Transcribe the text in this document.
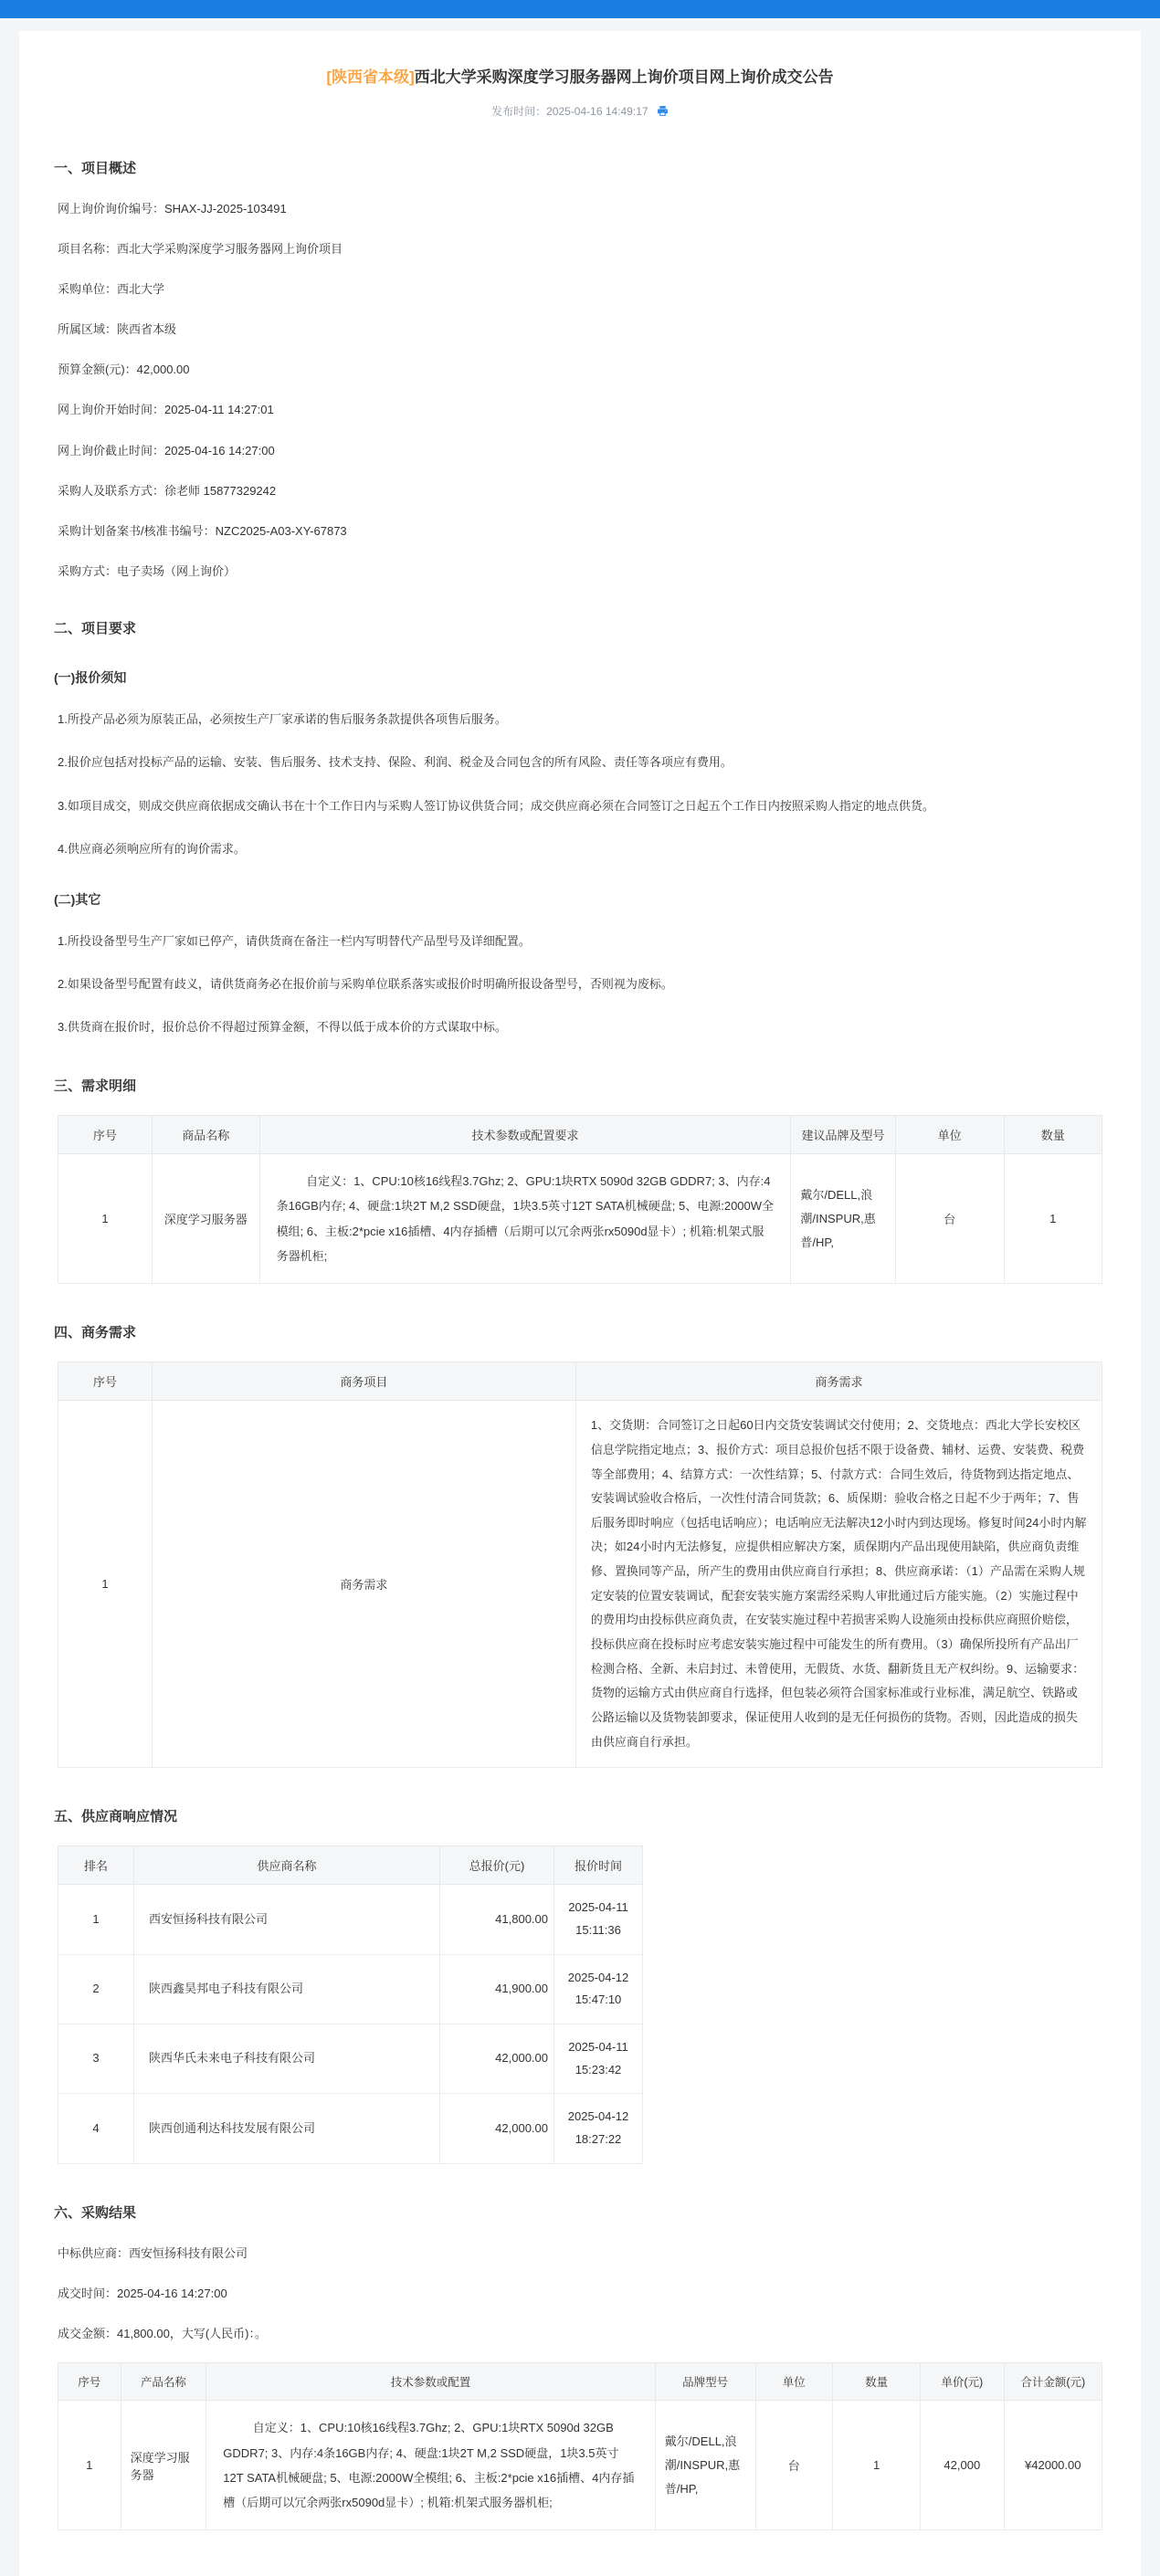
[陕西省本级]西北大学采购深度学习服务器网上询价项目网上询价成交公告
发布时间：2025-04-16 14:49:17
一、项目概述
网上询价询价编号：SHAX-JJ-2025-103491
项目名称：西北大学采购深度学习服务器网上询价项目
采购单位：西北大学
所属区域：陕西省本级
预算金额(元)：42,000.00
网上询价开始时间：2025-04-11 14:27:01
网上询价截止时间：2025-04-16 14:27:00
采购人及联系方式：徐老师 15877329242
采购计划备案书/核准书编号：NZC2025-A03-XY-67873
采购方式：电子卖场（网上询价）
二、项目要求
(一)报价须知
1.所投产品必须为原装正品，必须按生产厂家承诺的售后服务条款提供各项售后服务。
2.报价应包括对投标产品的运输、安装、售后服务、技术支持、保险、利润、税金及合同包含的所有风险、责任等各项应有费用。
3.如项目成交，则成交供应商依据成交确认书在十个工作日内与采购人签订协议供货合同；成交供应商必须在合同签订之日起五个工作日内按照采购人指定的地点供货。
4.供应商必须响应所有的询价需求。
(二)其它
1.所投设备型号生产厂家如已停产，请供货商在备注一栏内写明替代产品型号及详细配置。
2.如果设备型号配置有歧义，请供货商务必在报价前与采购单位联系落实或报价时明确所报设备型号，否则视为废标。
3.供货商在报价时，报价总价不得超过预算金额，不得以低于成本价的方式谋取中标。
三、需求明细
序号	商品名称	技术参数或配置要求	建议品牌及型号	单位	数量
1	深度学习服务器	自定义：1、CPU:10核16线程3.7Ghz; 2、GPU:1块RTX 5090d 32GB GDDR7; 3、内存:4条16GB内存; 4、硬盘:1块2T M,2 SSD硬盘，1块3.5英寸12T SATA机械硬盘; 5、电源:2000W全模组; 6、主板:2*pcie x16插槽、4内存插槽（后期可以冗余两张rx5090d显卡）; 机箱:机架式服务器机柜;	戴尔/DELL,浪潮/INSPUR,惠普/HP,	台	1
四、商务需求
序号	商务项目	商务需求
1	商务需求	1、交货期：合同签订之日起60日内交货安装调试交付使用；2、交货地点：西北大学长安校区信息学院指定地点；3、报价方式：项目总报价包括不限于设备费、辅材、运费、安装费、税费等全部费用；4、结算方式：一次性结算；5、付款方式：合同生效后，待货物到达指定地点、安装调试验收合格后，一次性付清合同货款；6、质保期：验收合格之日起不少于两年；7、售后服务即时响应（包括电话响应）；电话响应无法解决12小时内到达现场。修复时间24小时内解决；如24小时内无法修复，应提供相应解决方案，质保期内产品出现使用缺陷，供应商负责维修、置换同等产品，所产生的费用由供应商自行承担；8、供应商承诺：（1）产品需在采购人规定安装的位置安装调试，配套安装实施方案需经采购人审批通过后方能实施。（2）实施过程中的费用均由投标供应商负责，在安装实施过程中若损害采购人设施须由投标供应商照价赔偿，投标供应商在投标时应考虑安装实施过程中可能发生的所有费用。（3）确保所投所有产品出厂检测合格、全新、未启封过、未曾使用，无假货、水货、翻新货且无产权纠纷。9、运输要求：货物的运输方式由供应商自行选择，但包装必须符合国家标准或行业标准，满足航空、铁路或公路运输以及货物装卸要求，保证使用人收到的是无任何损伤的货物。否则，因此造成的损失由供应商自行承担。
五、供应商响应情况
排名	供应商名称	总报价(元)	报价时间
1	西安恒扬科技有限公司	41,800.00	2025-04-11
15:11:36

2	陕西鑫昊邦电子科技有限公司	41,900.00	2025-04-12
15:47:10

3	陕西华氏未来电子科技有限公司	42,000.00	2025-04-11
15:23:42

4	陕西创通利达科技发展有限公司	42,000.00	2025-04-12
18:27:22
六、采购结果
中标供应商：西安恒扬科技有限公司
成交时间：2025-04-16 14:27:00
成交金额：41,800.00，大写(人民币)：。
序号	产品名称	技术参数或配置	品牌型号	单位	数量	单价(元)	合计金额(元)
1	深度学习服务器	自定义：1、CPU:10核16线程3.7Ghz; 2、GPU:1块RTX 5090d 32GB GDDR7; 3、内存:4条16GB内存; 4、硬盘:1块2T M,2 SSD硬盘，1块3.5英寸12T SATA机械硬盘; 5、电源:2000W全模组; 6、主板:2*pcie x16插槽、4内存插槽（后期可以冗余两张rx5090d显卡）; 机箱:机架式服务器机柜;	戴尔/DELL,浪潮/INSPUR,惠普/HP,	台	1	42,000	¥42000.00
